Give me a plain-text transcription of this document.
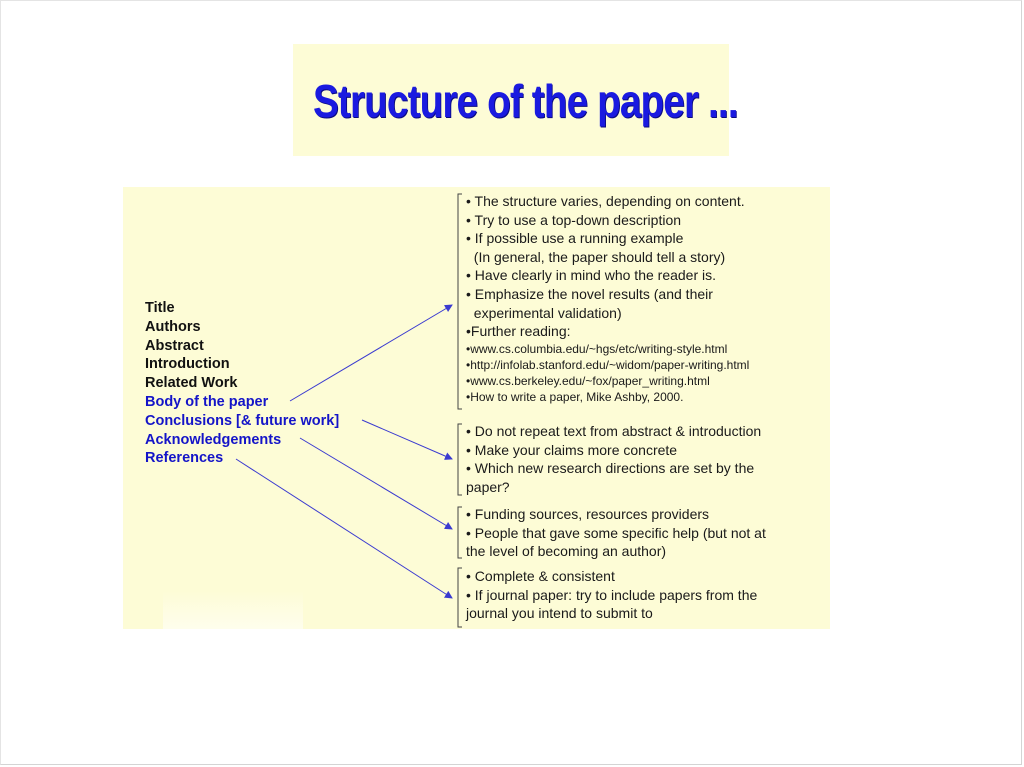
Structure of the paper ...
Title
Authors
Abstract
Introduction
Related Work
Body of the paper
Conclusions [& future work]
Acknowledgements
References
• The structure varies, depending on content.
• Try to use a top-down description
• If possible use a running example
(In general, the paper should tell a story)
• Have clearly in mind who the reader is.
• Emphasize the novel results (and their
experimental validation)
•Further reading:
•www.cs.columbia.edu/~hgs/etc/writing-style.html
•http://infolab.stanford.edu/~widom/paper-writing.html
•www.cs.berkeley.edu/~fox/paper_writing.html
•How to write a paper, Mike Ashby, 2000.
• Do not repeat text from abstract & introduction
• Make your claims more concrete
• Which new research directions are set by the
paper?
• Funding sources, resources providers
• People that gave some specific help (but not at
the level of becoming an author)
• Complete & consistent
• If journal paper: try to include papers from the
journal you intend to submit to
